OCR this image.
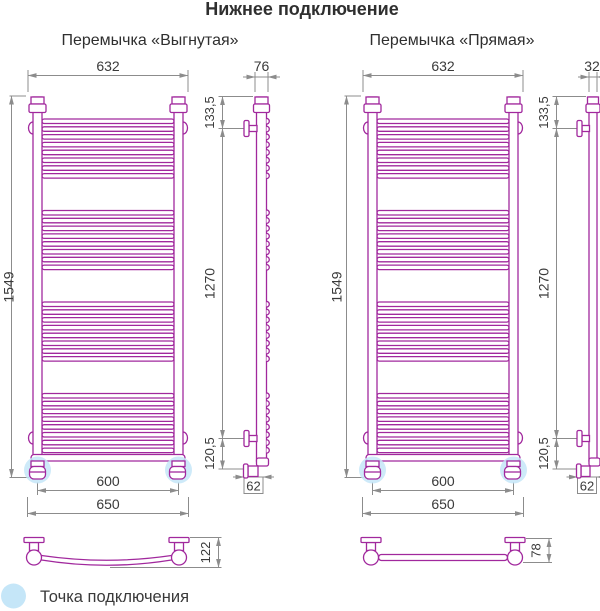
Нижнее подключение
Перемычка «Выгнутая»	Перемычка «Прямая»
632
1549
600
650
76
133,5
1270
120,5
62
632
1549
600
650
32
133,5
1270
120,5
62
122	78
Точка подключения
